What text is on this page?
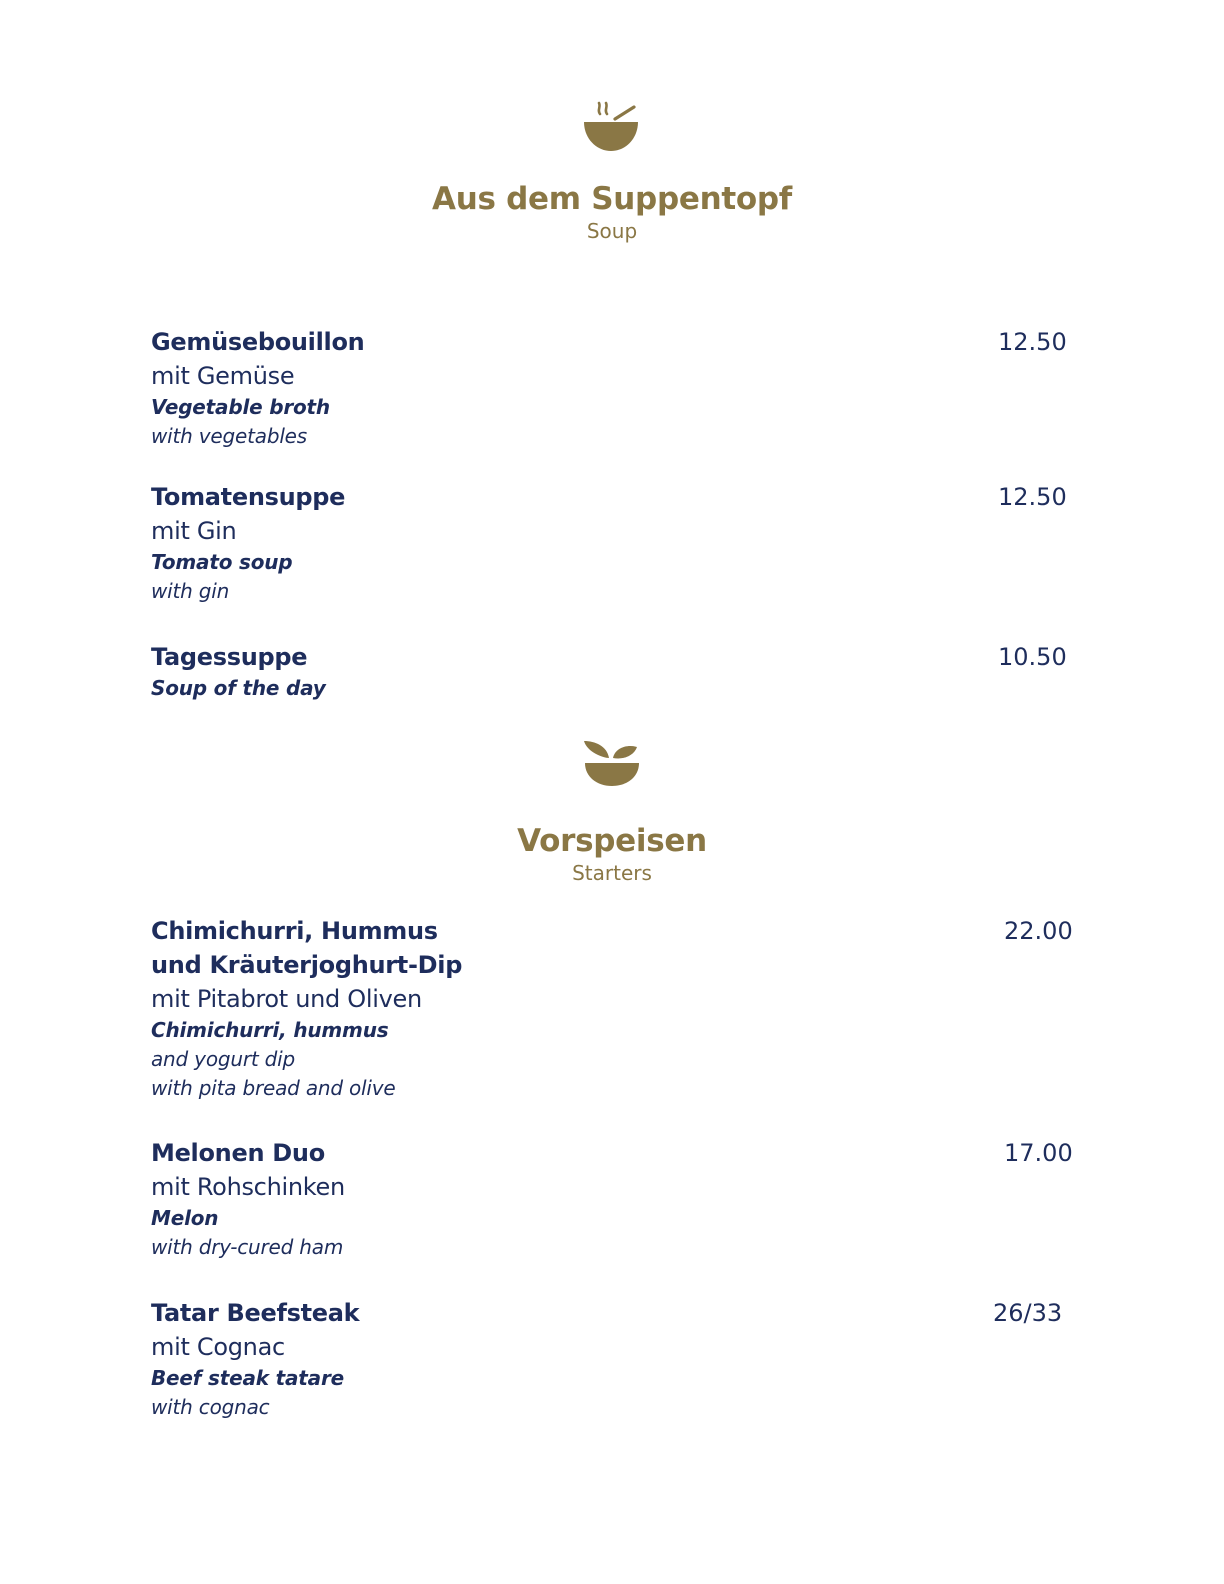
Aus dem Suppentopf
Soup
Gemüsebouillon
mit Gemüse
Vegetable broth
with vegetables
12.50
Tomatensuppe
mit Gin
Tomato soup
with gin
12.50
Tagessuppe
Soup of the day
10.50
Vorspeisen
Starters
Chimichurri, Hummus
und Kräuterjoghurt-Dip
mit Pitabrot und Oliven
Chimichurri, hummus
and yogurt dip
with pita bread and olive
22.00
Melonen Duo
mit Rohschinken
Melon
with dry-cured ham
17.00
Tatar Beefsteak
mit Cognac
Beef steak tatare
with cognac
26/33
